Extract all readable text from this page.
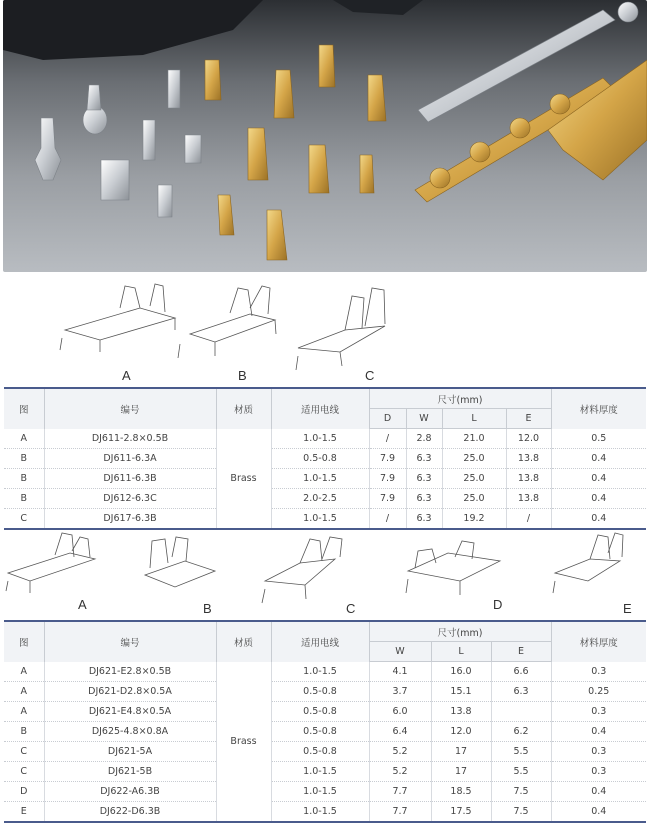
A	B	C
图	编号	材质	适用电线	尺寸(mm)				材料厚度
				D	W	L	E	
A	DJ611-2.8×0.5B	Brass	1.0-1.5	/	2.8	21.0	12.0	0.5
B	DJ611-6.3A		0.5-0.8	7.9	6.3	25.0	13.8	0.4
B	DJ611-6.3B		1.0-1.5	7.9	6.3	25.0	13.8	0.4
B	DJ612-6.3C		2.0-2.5	7.9	6.3	25.0	13.8	0.4
C	DJ617-6.3B		1.0-1.5	/	6.3	19.2	/	0.4
A	B	C	D	E
图	编号	材质	适用电线	尺寸(mm)			材料厚度
				W	L	E	
A	DJ621-E2.8×0.5B	Brass	1.0-1.5	4.1	16.0	6.6	0.3
A	DJ621-D2.8×0.5A		0.5-0.8	3.7	15.1	6.3	0.25
A	DJ621-E4.8×0.5A		0.5-0.8	6.0	13.8		0.3
B	DJ625-4.8×0.8A		0.5-0.8	6.4	12.0	6.2	0.4
C	DJ621-5A		0.5-0.8	5.2	17	5.5	0.3
C	DJ621-5B		1.0-1.5	5.2	17	5.5	0.3
D	DJ622-A6.3B		1.0-1.5	7.7	18.5	7.5	0.4
E	DJ622-D6.3B		1.0-1.5	7.7	17.5	7.5	0.4
